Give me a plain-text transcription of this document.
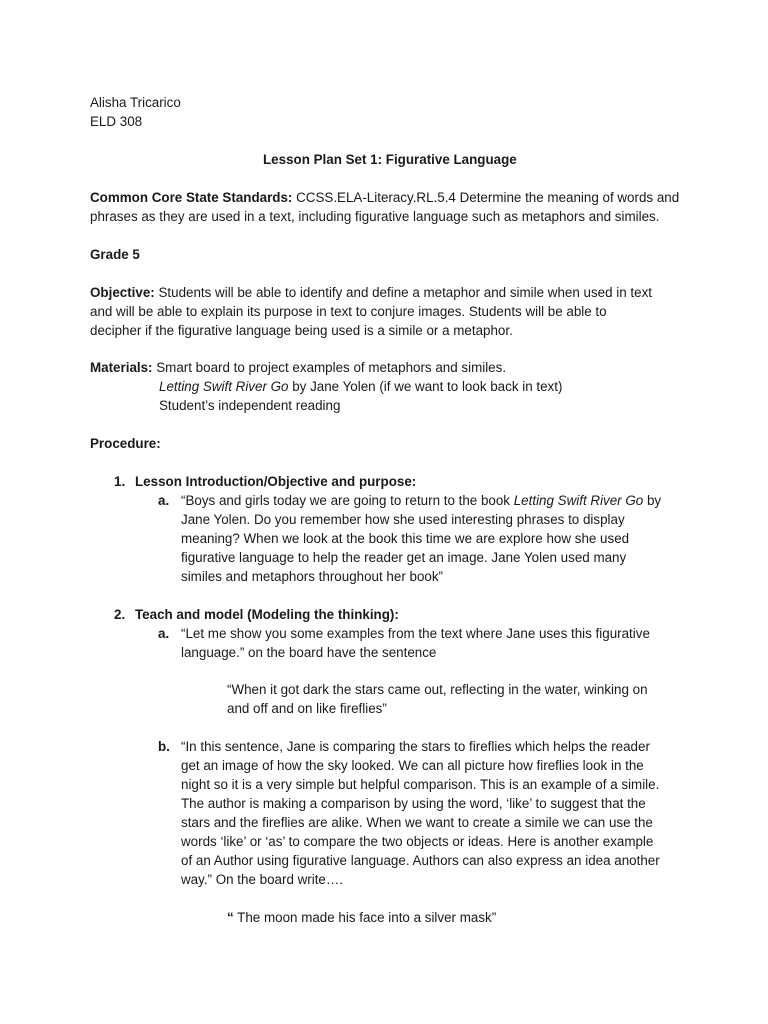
Alisha Tricarico
ELD 308
Lesson Plan Set 1: Figurative Language
Common Core State Standards: CCSS.ELA-Literacy.RL.5.4 Determine the meaning of words and
phrases as they are used in a text, including figurative language such as metaphors and similes.
Grade 5
Objective: Students will be able to identify and define a metaphor and simile when used in text
and will be able to explain its purpose in text to conjure images. Students will be able to
decipher if the figurative language being used is a simile or a metaphor.
Materials: Smart board to project examples of metaphors and similes.
Letting Swift River Go by Jane Yolen (if we want to look back in text)
Student’s independent reading
Procedure:
1. Lesson Introduction/Objective and purpose:
a. “Boys and girls today we are going to return to the book Letting Swift River Go by
Jane Yolen. Do you remember how she used interesting phrases to display
meaning? When we look at the book this time we are explore how she used
figurative language to help the reader get an image. Jane Yolen used many
similes and metaphors throughout her book”
2. Teach and model (Modeling the thinking):
a. “Let me show you some examples from the text where Jane uses this figurative
language.” on the board have the sentence
“When it got dark the stars came out, reflecting in the water, winking on
and off and on like fireflies”
b. “In this sentence, Jane is comparing the stars to fireflies which helps the reader
get an image of how the sky looked. We can all picture how fireflies look in the
night so it is a very simple but helpful comparison. This is an example of a simile.
The author is making a comparison by using the word, ‘like’ to suggest that the
stars and the fireflies are alike. When we want to create a simile we can use the
words ‘like’ or ‘as’ to compare the two objects or ideas. Here is another example
of an Author using figurative language. Authors can also express an idea another
way.” On the board write….
“ The moon made his face into a silver mask”
